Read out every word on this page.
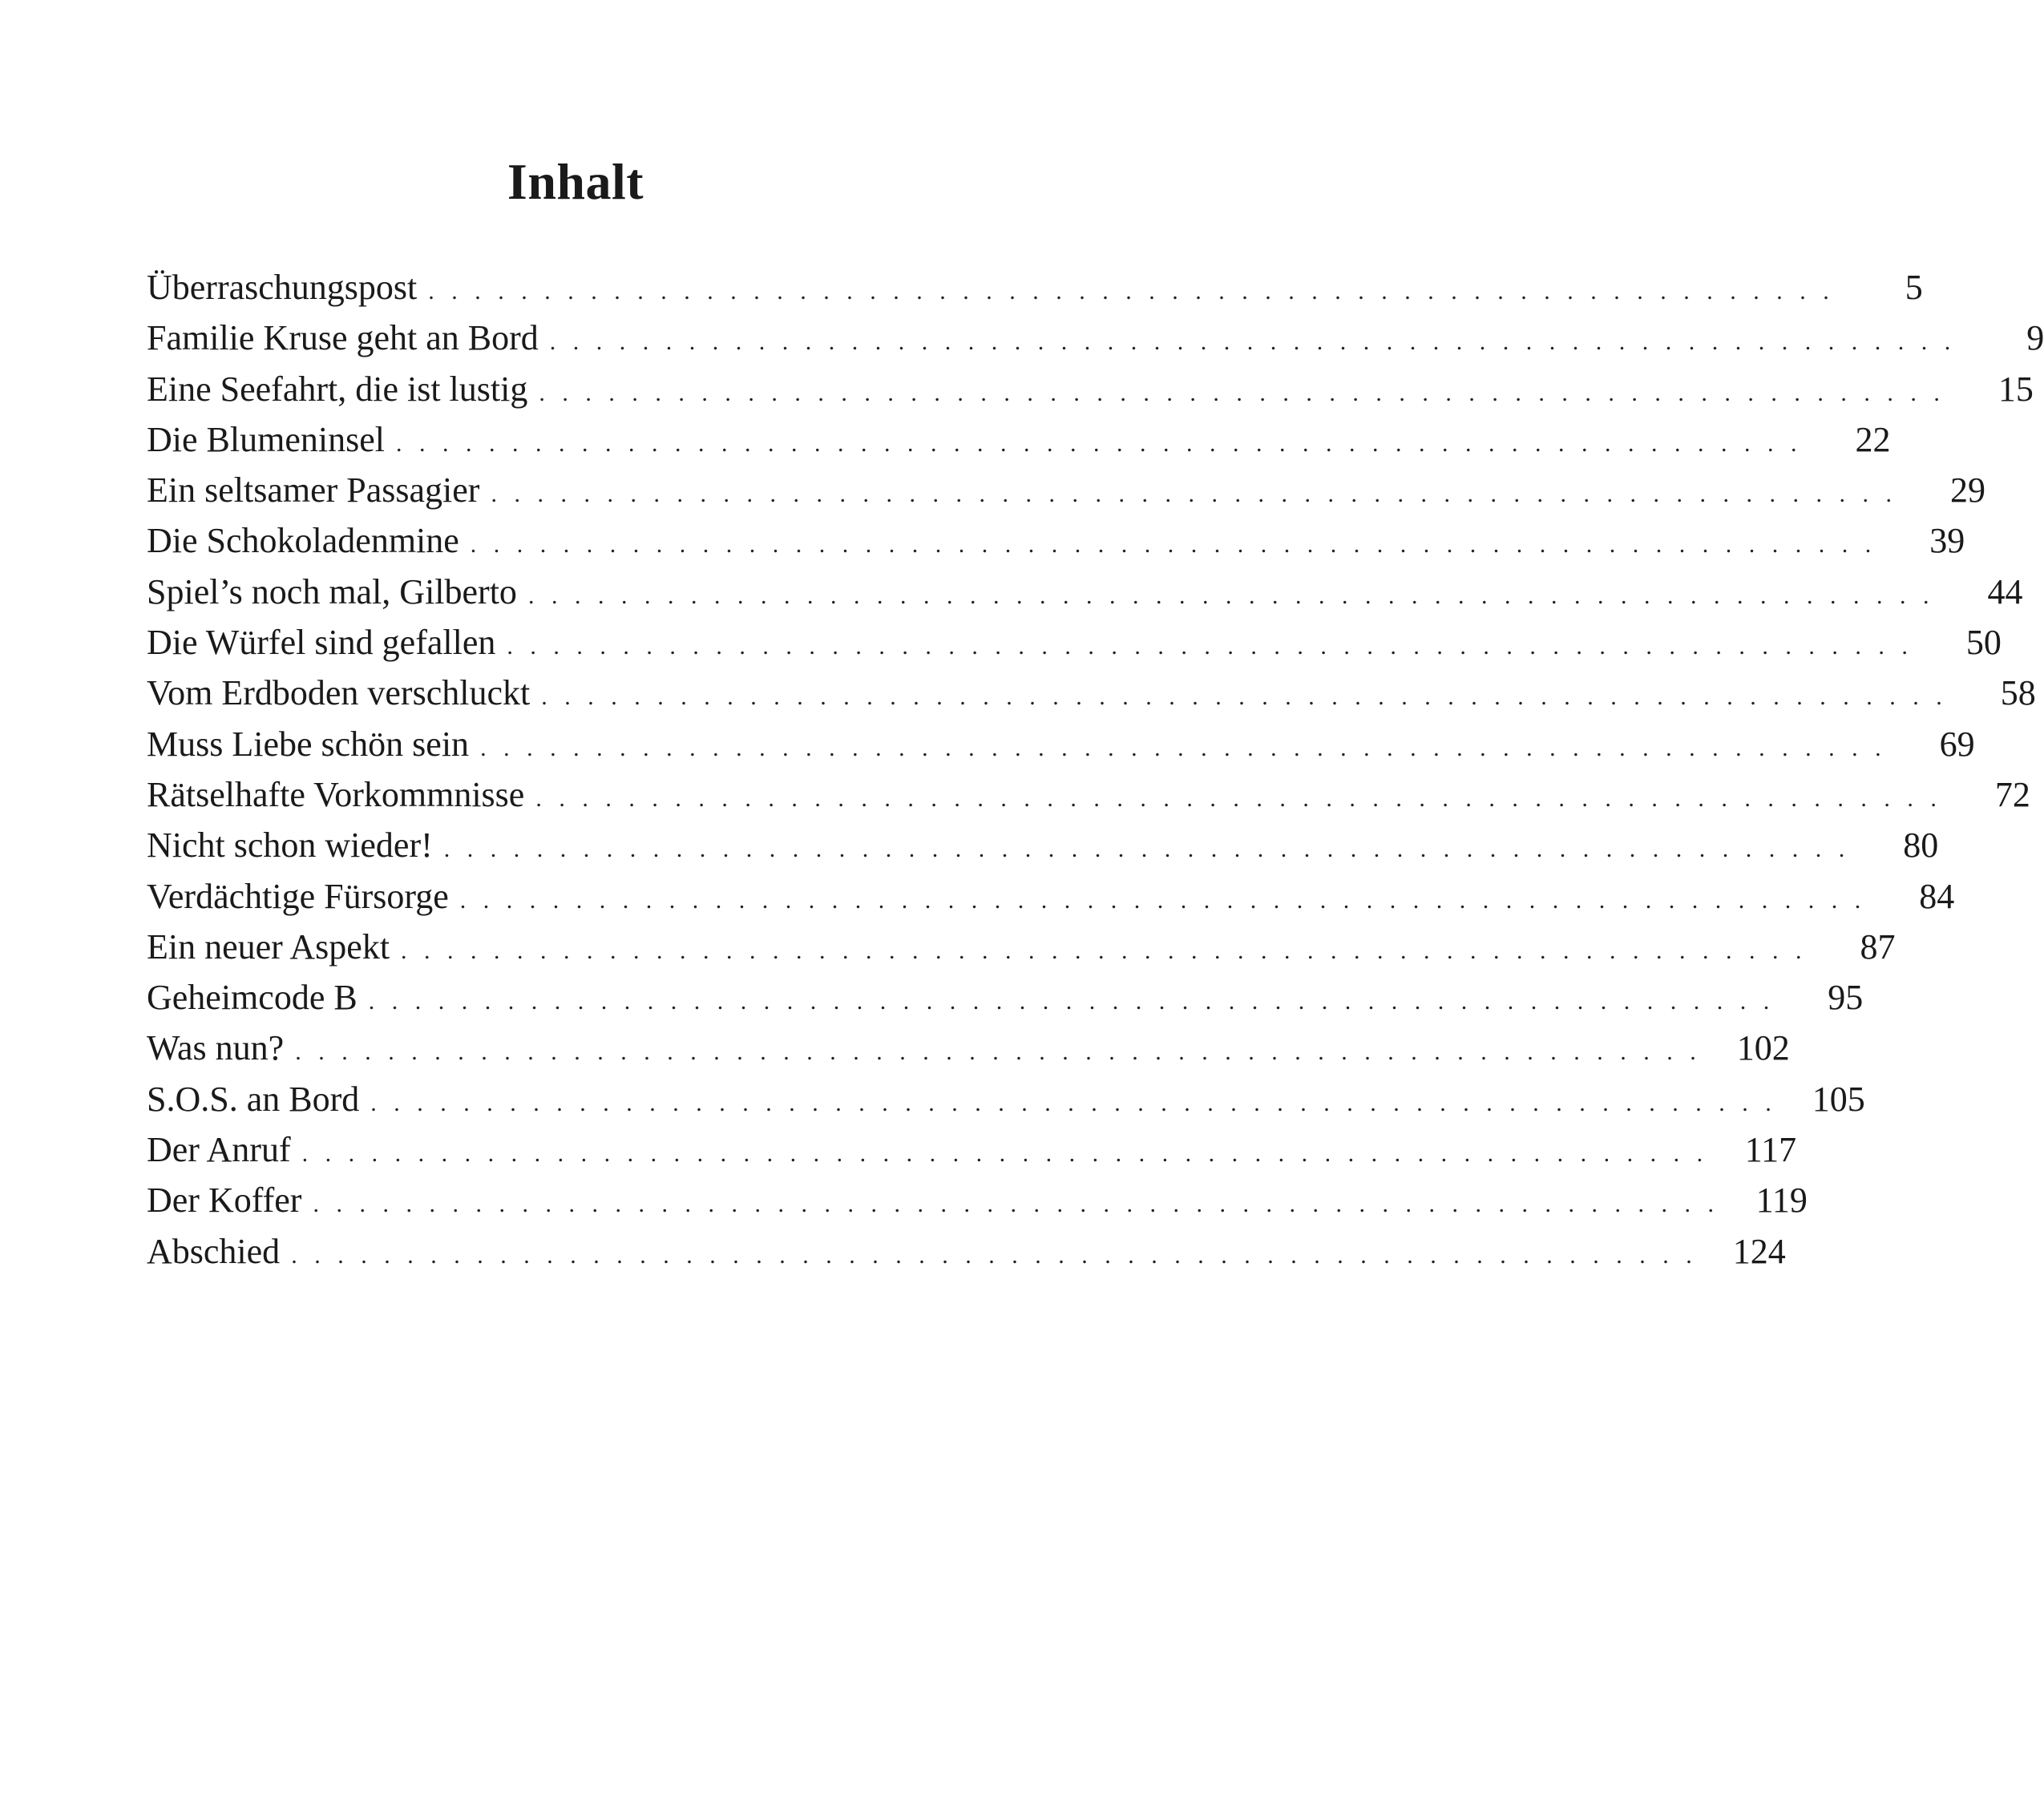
Inhalt
Überraschungspost . . . . . . . . . . . . . . . . . . . . . . . . . . . . . . . . . . . . . . . . . . . . . . . . . . . . . . . . . . . . .	5
Familie Kruse geht an Bord . . . . . . . . . . . . . . . . . . . . . . . . . . . . . . . . . . . . . . . . . . . . . . . . . . . . . . . . . . . . .	9
Eine Seefahrt, die ist lustig . . . . . . . . . . . . . . . . . . . . . . . . . . . . . . . . . . . . . . . . . . . . . . . . . . . . . . . . . . . . .	15
Die Blumeninsel . . . . . . . . . . . . . . . . . . . . . . . . . . . . . . . . . . . . . . . . . . . . . . . . . . . . . . . . . . . . .	22
Ein seltsamer Passagier . . . . . . . . . . . . . . . . . . . . . . . . . . . . . . . . . . . . . . . . . . . . . . . . . . . . . . . . . . . . .	29
Die Schokoladenmine . . . . . . . . . . . . . . . . . . . . . . . . . . . . . . . . . . . . . . . . . . . . . . . . . . . . . . . . . . . . .	39
Spiel’s noch mal, Gilberto . . . . . . . . . . . . . . . . . . . . . . . . . . . . . . . . . . . . . . . . . . . . . . . . . . . . . . . . . . . . .	44
Die Würfel sind gefallen . . . . . . . . . . . . . . . . . . . . . . . . . . . . . . . . . . . . . . . . . . . . . . . . . . . . . . . . . . . . .	50
Vom Erdboden verschluckt . . . . . . . . . . . . . . . . . . . . . . . . . . . . . . . . . . . . . . . . . . . . . . . . . . . . . . . . . . . . .	58
Muss Liebe schön sein . . . . . . . . . . . . . . . . . . . . . . . . . . . . . . . . . . . . . . . . . . . . . . . . . . . . . . . . . . . . .	69
Rätselhafte Vorkommnisse . . . . . . . . . . . . . . . . . . . . . . . . . . . . . . . . . . . . . . . . . . . . . . . . . . . . . . . . . . . . .	72
Nicht schon wieder! . . . . . . . . . . . . . . . . . . . . . . . . . . . . . . . . . . . . . . . . . . . . . . . . . . . . . . . . . . . . .	80
Verdächtige Fürsorge . . . . . . . . . . . . . . . . . . . . . . . . . . . . . . . . . . . . . . . . . . . . . . . . . . . . . . . . . . . . .	84
Ein neuer Aspekt . . . . . . . . . . . . . . . . . . . . . . . . . . . . . . . . . . . . . . . . . . . . . . . . . . . . . . . . . . . . .	87
Geheimcode B . . . . . . . . . . . . . . . . . . . . . . . . . . . . . . . . . . . . . . . . . . . . . . . . . . . . . . . . . . . . .	95
Was nun? . . . . . . . . . . . . . . . . . . . . . . . . . . . . . . . . . . . . . . . . . . . . . . . . . . . . . . . . . . . . .	102
S.O.S. an Bord . . . . . . . . . . . . . . . . . . . . . . . . . . . . . . . . . . . . . . . . . . . . . . . . . . . . . . . . . . . . .	105
Der Anruf . . . . . . . . . . . . . . . . . . . . . . . . . . . . . . . . . . . . . . . . . . . . . . . . . . . . . . . . . . . . .	117
Der Koffer . . . . . . . . . . . . . . . . . . . . . . . . . . . . . . . . . . . . . . . . . . . . . . . . . . . . . . . . . . . . .	119
Abschied . . . . . . . . . . . . . . . . . . . . . . . . . . . . . . . . . . . . . . . . . . . . . . . . . . . . . . . . . . . . .	124
